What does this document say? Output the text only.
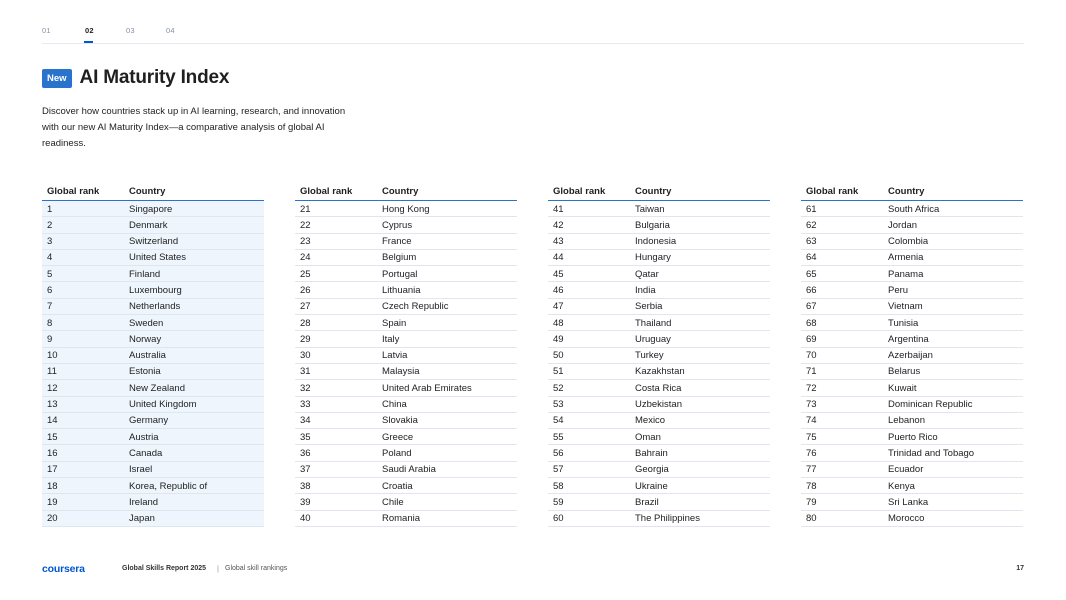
01	02	03	04
New AI Maturity Index

Discover how countries stack up in AI learning, research, and innovation with our new AI Maturity Index—a comparative analysis of global AI readiness.

Global rank	Country
1	Singapore
2	Denmark
3	Switzerland
4	United States
5	Finland
6	Luxembourg
7	Netherlands
8	Sweden
9	Norway
10	Australia
11	Estonia
12	New Zealand
13	United Kingdom
14	Germany
15	Austria
16	Canada
17	Israel
18	Korea, Republic of
19	Ireland
20	Japan
Global rank	Country
21	Hong Kong
22	Cyprus
23	France
24	Belgium
25	Portugal
26	Lithuania
27	Czech Republic
28	Spain
29	Italy
30	Latvia
31	Malaysia
32	United Arab Emirates
33	China
34	Slovakia
35	Greece
36	Poland
37	Saudi Arabia
38	Croatia
39	Chile
40	Romania
Global rank	Country
41	Taiwan
42	Bulgaria
43	Indonesia
44	Hungary
45	Qatar
46	India
47	Serbia
48	Thailand
49	Uruguay
50	Turkey
51	Kazakhstan
52	Costa Rica
53	Uzbekistan
54	Mexico
55	Oman
56	Bahrain
57	Georgia
58	Ukraine
59	Brazil
60	The Philippines
Global rank	Country
61	South Africa
62	Jordan
63	Colombia
64	Armenia
65	Panama
66	Peru
67	Vietnam
68	Tunisia
69	Argentina
70	Azerbaijan
71	Belarus
72	Kuwait
73	Dominican Republic
74	Lebanon
75	Puerto Rico
76	Trinidad and Tobago
77	Ecuador
78	Kenya
79	Sri Lanka
80	Morocco
coursera	Global Skills Report 2025 | Global skill rankings	17
